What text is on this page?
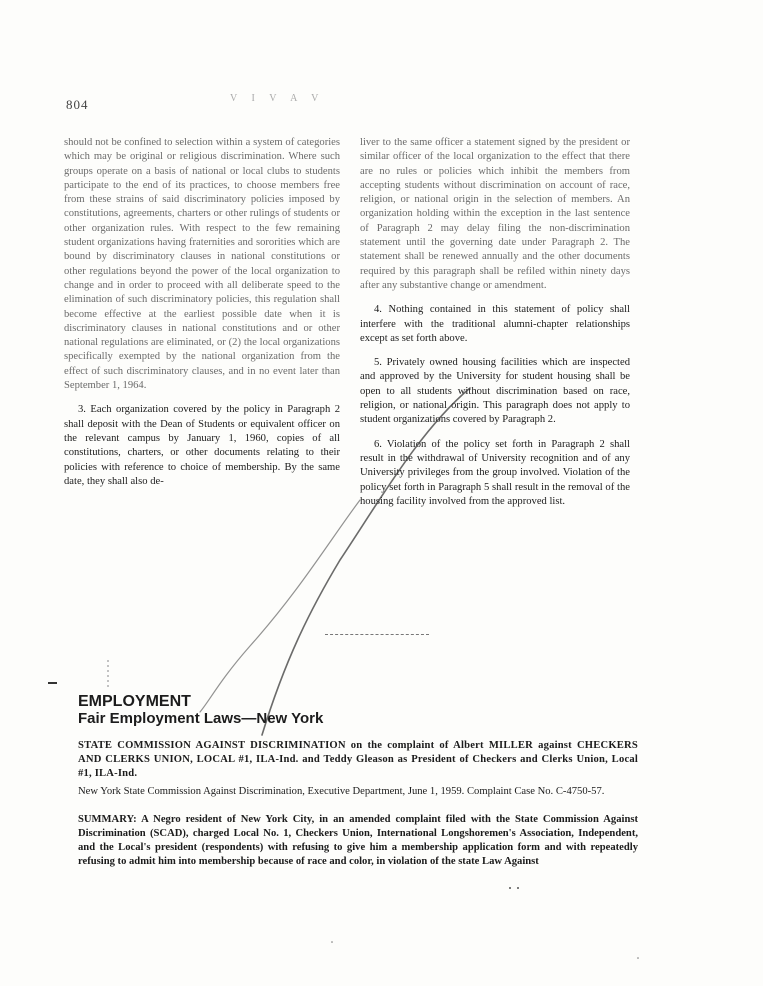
804	V I V A V

should not be confined to selection within a system of categories which may be original or religious discrimination. Where such groups operate on a basis of national or local clubs to students participate to the end of its practices, to choose members free from these strains of said discriminatory policies imposed by constitutions, agreements, charters or other rulings of students or other organization rules. With respect to the few remaining student organizations having fraternities and sororities which are bound by discriminatory clauses in national constitutions or other regulations beyond the power of the local organization to change and in order to proceed with all deliberate speed to the elimination of such discriminatory policies, this regulation shall become effective at the earliest possible date when it is discriminatory clauses in national constitutions and or other national regulations are eliminated, or (2) the local organizations specifically exempted by the national organization from the effect of such discriminatory clauses, and in no event later than September 1, 1964.

3. Each organization covered by the policy in Paragraph 2 shall deposit with the Dean of Students or equivalent officer on the relevant campus by January 1, 1960, copies of all constitutions, charters, or other documents relating to their policies with reference to choice of membership. By the same date, they shall also de-

liver to the same officer a statement signed by the president or similar officer of the local organization to the effect that there are no rules or policies which inhibit the members from accepting students without discrimination on account of race, religion, or national origin in the selection of members. An organization holding within the exception in the last sentence of Paragraph 2 may delay filing the non-discrimination statement until the governing date under Paragraph 2. The statement shall be renewed annually and the other documents required by this paragraph shall be refiled within ninety days after any substantive change or amendment.

4. Nothing contained in this statement of policy shall interfere with the traditional alumni-chapter relationships except as set forth above.

5. Privately owned housing facilities which are inspected and approved by the University for student housing shall be open to all students without discrimination based on race, religion, or national origin. This paragraph does not apply to student organizations covered by Paragraph 2.

6. Violation of the policy set forth in Paragraph 2 shall result in the withdrawal of University recognition and of any University privileges from the group involved. Violation of the policy set forth in Paragraph 5 shall result in the removal of the housing facility involved from the approved list.

EMPLOYMENT
Fair Employment Laws—New York
STATE COMMISSION AGAINST DISCRIMINATION on the complaint of Albert MILLER against CHECKERS AND CLERKS UNION, LOCAL #1, ILA-Ind. and Teddy Gleason as President of Checkers and Clerks Union, Local #1, ILA-Ind.
New York State Commission Against Discrimination, Executive Department, June 1, 1959. Complaint Case No. C-4750-57.
SUMMARY: A Negro resident of New York City, in an amended complaint filed with the State Commission Against Discrimination (SCAD), charged Local No. 1, Checkers Union, International Longshoremen's Association, Independent, and the Local's president (respondents) with refusing to give him a membership application form and with repeatedly refusing to admit him into membership because of race and color, in violation of the state Law Against
